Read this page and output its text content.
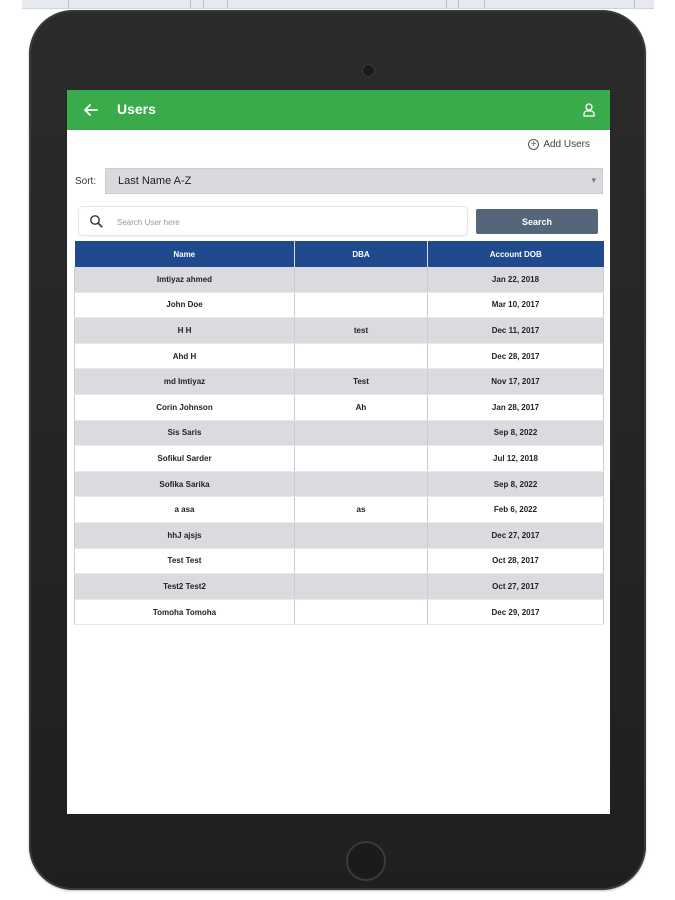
Users
+ Add Users
Sort: Last Name A-Z	▾
Search User here
Search
Name	DBA	Account DOB
Imtiyaz ahmed		Jan 22, 2018
John Doe		Mar 10, 2017
H H	test	Dec 11, 2017
Ahd H		Dec 28, 2017
md Imtiyaz	Test	Nov 17, 2017
Corin Johnson	Ah	Jan 28, 2017
Sis Saris		Sep 8, 2022
Sofikul Sarder		Jul 12, 2018
Sofika Sarika		Sep 8, 2022
a asa	as	Feb 6, 2022
hhJ ajsjs		Dec 27, 2017
Test Test		Oct 28, 2017
Test2 Test2		Oct 27, 2017
Tomoha Tomoha		Dec 29, 2017
